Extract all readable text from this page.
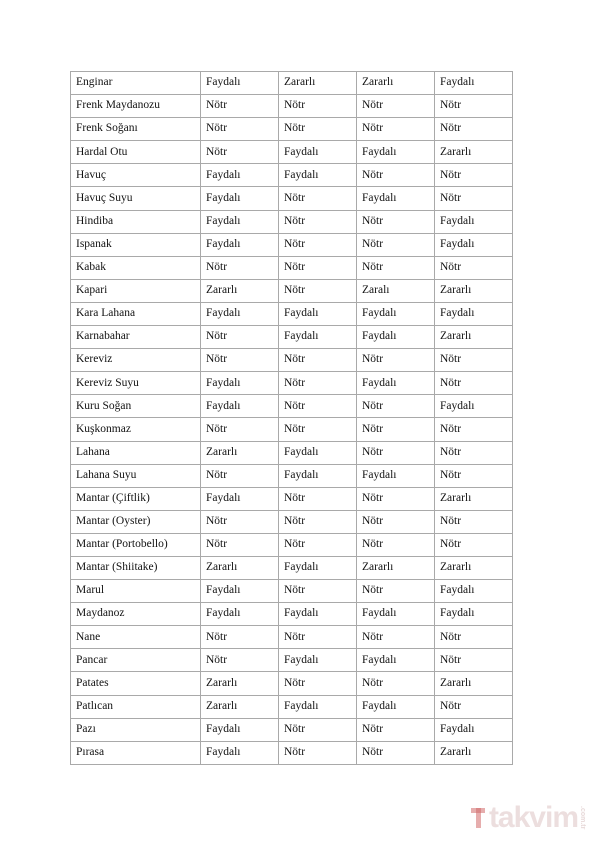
Enginar	Faydalı	Zararlı	Zararlı	Faydalı
Frenk Maydanozu	Nötr	Nötr	Nötr	Nötr
Frenk Soğanı	Nötr	Nötr	Nötr	Nötr
Hardal Otu	Nötr	Faydalı	Faydalı	Zararlı
Havuç	Faydalı	Faydalı	Nötr	Nötr
Havuç Suyu	Faydalı	Nötr	Faydalı	Nötr
Hindiba	Faydalı	Nötr	Nötr	Faydalı
Ispanak	Faydalı	Nötr	Nötr	Faydalı
Kabak	Nötr	Nötr	Nötr	Nötr
Kapari	Zararlı	Nötr	Zaralı	Zararlı
Kara Lahana	Faydalı	Faydalı	Faydalı	Faydalı
Karnabahar	Nötr	Faydalı	Faydalı	Zararlı
Kereviz	Nötr	Nötr	Nötr	Nötr
Kereviz Suyu	Faydalı	Nötr	Faydalı	Nötr
Kuru Soğan	Faydalı	Nötr	Nötr	Faydalı
Kuşkonmaz	Nötr	Nötr	Nötr	Nötr
Lahana	Zararlı	Faydalı	Nötr	Nötr
Lahana Suyu	Nötr	Faydalı	Faydalı	Nötr
Mantar (Çiftlik)	Faydalı	Nötr	Nötr	Zararlı
Mantar (Oyster)	Nötr	Nötr	Nötr	Nötr
Mantar (Portobello)	Nötr	Nötr	Nötr	Nötr
Mantar (Shiitake)	Zararlı	Faydalı	Zararlı	Zararlı
Marul	Faydalı	Nötr	Nötr	Faydalı
Maydanoz	Faydalı	Faydalı	Faydalı	Faydalı
Nane	Nötr	Nötr	Nötr	Nötr
Pancar	Nötr	Faydalı	Faydalı	Nötr
Patates	Zararlı	Nötr	Nötr	Zararlı
Patlıcan	Zararlı	Faydalı	Faydalı	Nötr
Pazı	Faydalı	Nötr	Nötr	Faydalı
Pırasa	Faydalı	Nötr	Nötr	Zararlı
takvim .com.tr
